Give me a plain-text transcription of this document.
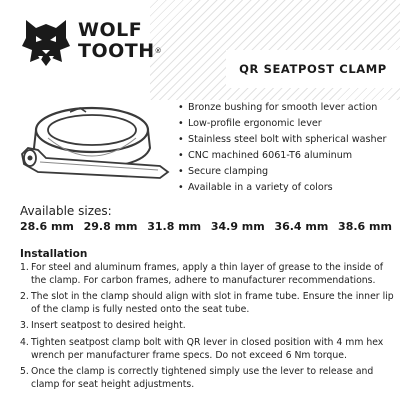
WOLF
TOOTH®
QR SEATPOST CLAMP
• Bronze bushing for smooth lever action
• Low-profile ergonomic lever
• Stainless steel bolt with spherical washer
• CNC machined 6061-T6 aluminum
• Secure clamping
• Available in a variety of colors
Available sizes:
28.6 mm 29.8 mm 31.8 mm 34.9 mm 36.4 mm 38.6 mm
Installation
1. For steel and aluminum frames, apply a thin layer of grease to the inside of the clamp. For carbon frames, adhere to manufacturer recommendations.
2. The slot in the clamp should align with slot in frame tube. Ensure the inner lip of the clamp is fully nested onto the seat tube.
3. Insert seatpost to desired height.
4. Tighten seatpost clamp bolt with QR lever in closed position with 4 mm hex wrench per manufacturer frame specs. Do not exceed 6 Nm torque.
5. Once the clamp is correctly tightened simply use the lever to release and clamp for seat height adjustments.
